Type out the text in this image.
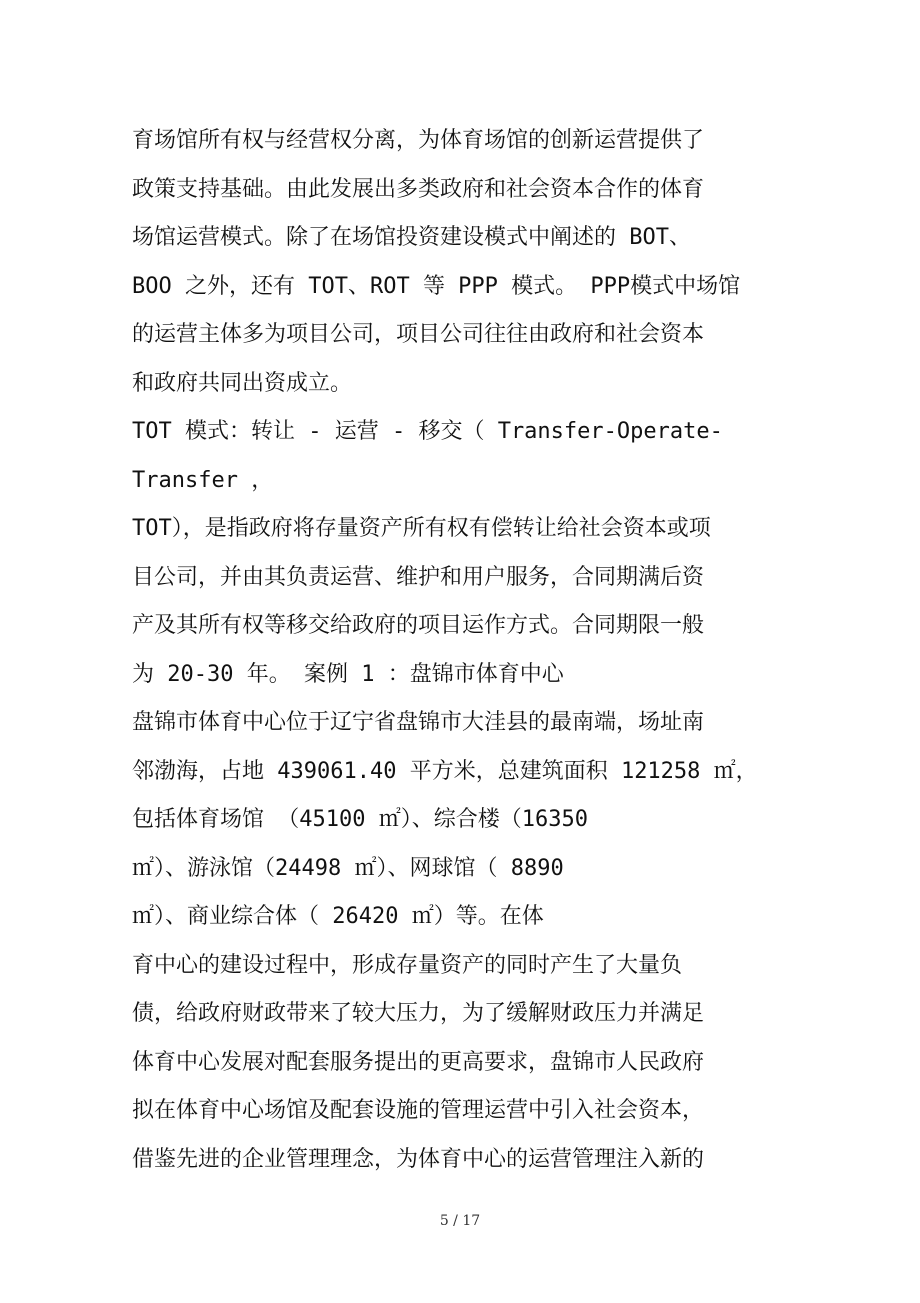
育场馆所有权与经营权分离，为体育场馆的创新运营提供了
政策支持基础。由此发展出多类政府和社会资本合作的体育
场馆运营模式。除了在场馆投资建设模式中阐述的 BOT、
BOO 之外，还有 TOT、ROT 等 PPP 模式。 PPP模式中场馆
的运营主体多为项目公司，项目公司往往由政府和社会资本
和政府共同出资成立。
TOT 模式：转让 - 运营 - 移交（ Transfer-Operate-
Transfer ，
TOT），是指政府将存量资产所有权有偿转让给社会资本或项
目公司，并由其负责运营、维护和用户服务，合同期满后资
产及其所有权等移交给政府的项目运作方式。合同期限一般
为 20-30 年。 案例 1 ：盘锦市体育中心
盘锦市体育中心位于辽宁省盘锦市大洼县的最南端，场址南
邻渤海，占地 439061.40 平方米，总建筑面积 121258 ㎡，
包括体育场馆 （45100 ㎡）、综合楼（16350
㎡）、游泳馆（24498 ㎡）、网球馆（ 8890
㎡）、商业综合体（ 26420 ㎡）等。在体
育中心的建设过程中，形成存量资产的同时产生了大量负
债，给政府财政带来了较大压力，为了缓解财政压力并满足
体育中心发展对配套服务提出的更高要求，盘锦市人民政府
拟在体育中心场馆及配套设施的管理运营中引入社会资本，
借鉴先进的企业管理理念，为体育中心的运营管理注入新的
5 / 17
